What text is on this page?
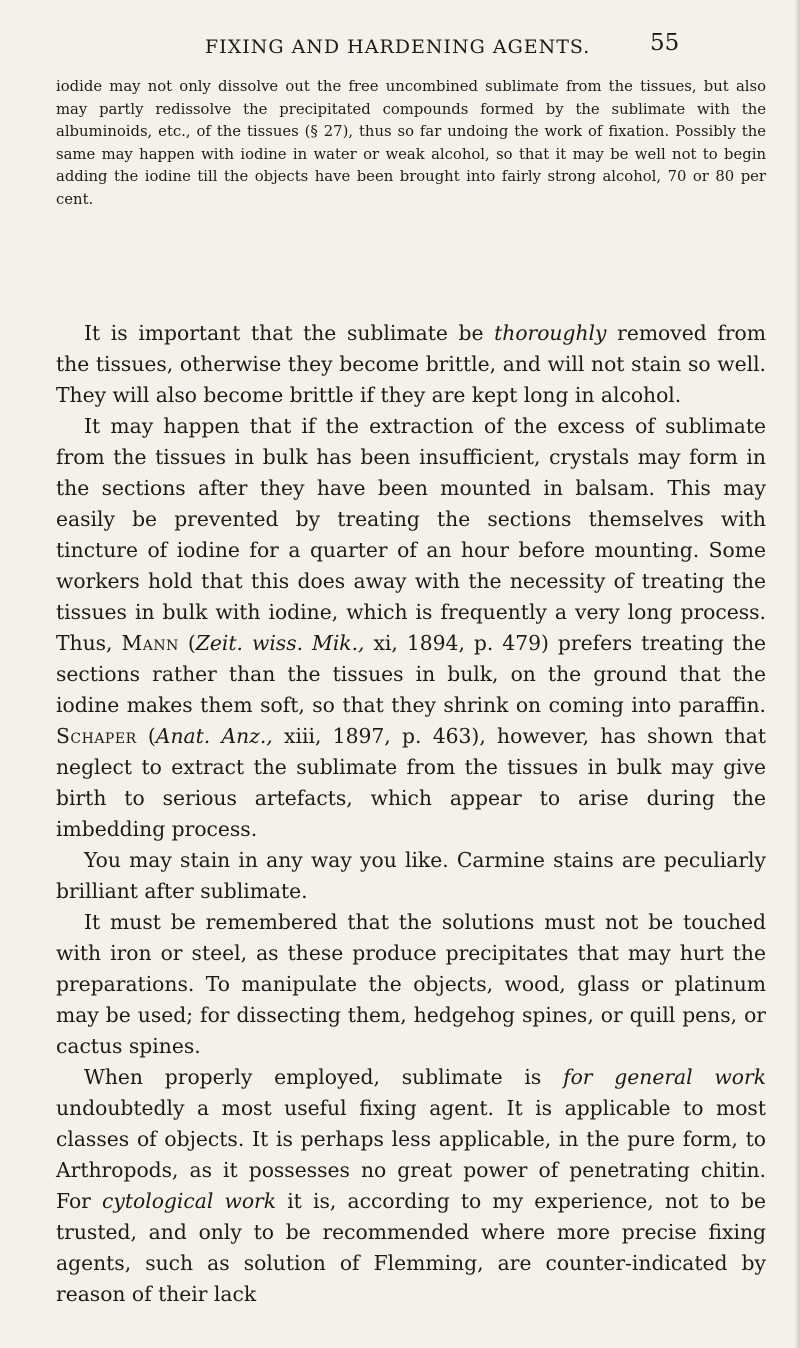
FIXING AND HARDENING AGENTS.	55

iodide may not only dissolve out the free uncombined sublimate from the tissues, but also may partly redissolve the precipitated compounds formed by the sublimate with the albuminoids, etc., of the tissues (§ 27), thus so far undoing the work of fixation. Possibly the same may happen with iodine in water or weak alcohol, so that it may be well not to begin adding the iodine till the objects have been brought into fairly strong alcohol, 70 or 80 per cent.

It is important that the sublimate be thoroughly removed from the tissues, otherwise they become brittle, and will not stain so well. They will also become brittle if they are kept long in alcohol.

It may happen that if the extraction of the excess of sublimate from the tissues in bulk has been insufficient, crystals may form in the sections after they have been mounted in balsam. This may easily be prevented by treating the sections themselves with tincture of iodine for a quarter of an hour before mounting. Some workers hold that this does away with the necessity of treating the tissues in bulk with iodine, which is frequently a very long process. Thus, Mann (Zeit. wiss. Mik., xi, 1894, p. 479) prefers treating the sections rather than the tissues in bulk, on the ground that the iodine makes them soft, so that they shrink on coming into paraffin. Schaper (Anat. Anz., xiii, 1897, p. 463), however, has shown that neglect to extract the sublimate from the tissues in bulk may give birth to serious artefacts, which appear to arise during the imbedding process.

You may stain in any way you like. Carmine stains are peculiarly brilliant after sublimate.

It must be remembered that the solutions must not be touched with iron or steel, as these produce precipitates that may hurt the preparations. To manipulate the objects, wood, glass or platinum may be used; for dissecting them, hedgehog spines, or quill pens, or cactus spines.

When properly employed, sublimate is for general work undoubtedly a most useful fixing agent. It is applicable to most classes of objects. It is perhaps less applicable, in the pure form, to Arthropods, as it possesses no great power of penetrating chitin. For cytological work it is, according to my experience, not to be trusted, and only to be recommended where more precise fixing agents, such as solution of Flemming, are counter-indicated by reason of their lack
